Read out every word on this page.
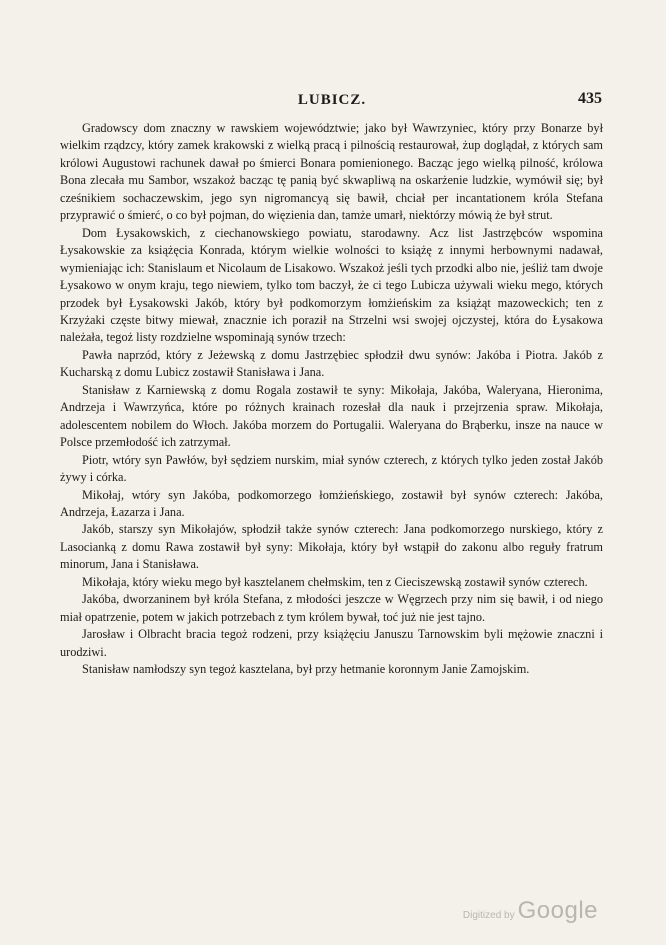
LUBICZ.	435

Gradowscy dom znaczny w rawskiem województwie; jako był Wawrzyniec, który przy Bonarze był wielkim rządzcy, który zamek krakowski z wielką pracą i pilnością restaurował, żup doglądał, z których sam królowi Augustowi rachunek dawał po śmierci Bonara pomienionego. Bacząc jego wielką pilność, królowa Bona zlecała mu Sambor, wszakoż bacząc tę panią być skwapliwą na oskarżenie ludzkie, wymówił się; był cześnikiem sochaczewskim, jego syn nigromancyą się bawił, chciał per incantationem króla Stefana przyprawić o śmierć, o co był pojman, do więzienia dan, tamże umarł, niektórzy mówią że był strut.

Dom Łysakowskich, z ciechanowskiego powiatu, starodawny. Acz list Jastrzębców wspomina Łysakowskie za książęcia Konrada, którym wielkie wolności to książę z innymi herbownymi nadawał, wymieniając ich: Stanislaum et Nicolaum de Lisakowo. Wszakoż jeśli tych przodki albo nie, jeśliż tam dwoje Łysakowo w onym kraju, tego niewiem, tylko tom baczył, że ci tego Lubicza używali wieku mego, których przodek był Łysakowski Jakób, który był podkomorzym łomżieńskim za książąt mazoweckich; ten z Krzyżaki częste bitwy miewał, znacznie ich poraził na Strzelni wsi swojej ojczystej, która do Łysakowa należała, tegoż listy rozdzielne wspominają synów trzech:

Pawła naprzód, który z Jeżewską z domu Jastrzębiec spłodził dwu synów: Jakóba i Piotra. Jakób z Kucharską z domu Lubicz zostawił Stanisława i Jana.

Stanisław z Karniewską z domu Rogala zostawił te syny: Mikołaja, Jakóba, Waleryana, Hieronima, Andrzeja i Wawrzyńca, które po różnych krainach rozesłał dla nauk i przejrzenia spraw. Mikołaja, adolescentem nobilem do Włoch. Jakóba morzem do Portugalii. Waleryana do Brąberku, insze na nauce w Polsce przemłodość ich zatrzymał.

Piotr, wtóry syn Pawłów, był sędziem nurskim, miał synów czterech, z których tylko jeden został Jakób żywy i córka.

Mikołaj, wtóry syn Jakóba, podkomorzego łomżieńskiego, zostawił był synów czterech: Jakóba, Andrzeja, Łazarza i Jana.

Jakób, starszy syn Mikołajów, spłodził także synów czterech: Jana podkomorzego nurskiego, który z Lasocianką z domu Rawa zostawił był syny: Mikołaja, który był wstąpił do zakonu albo reguły fratrum minorum, Jana i Stanisława.

Mikołaja, który wieku mego był kasztelanem chełmskim, ten z Cieciszewską zostawił synów czterech.

Jakóba, dworzaninem był króla Stefana, z młodości jeszcze w Węgrzech przy nim się bawił, i od niego miał opatrzenie, potem w jakich potrzebach z tym królem bywał, toć już nie jest tajno.

Jarosław i Olbracht bracia tegoż rodzeni, przy książęciu Januszu Tarnowskim byli mężowie znaczni i urodziwi.

Stanisław namłodszy syn tegoż kasztelana, był przy hetmanie koronnym Janie Zamojskim.

Digitized by Google
